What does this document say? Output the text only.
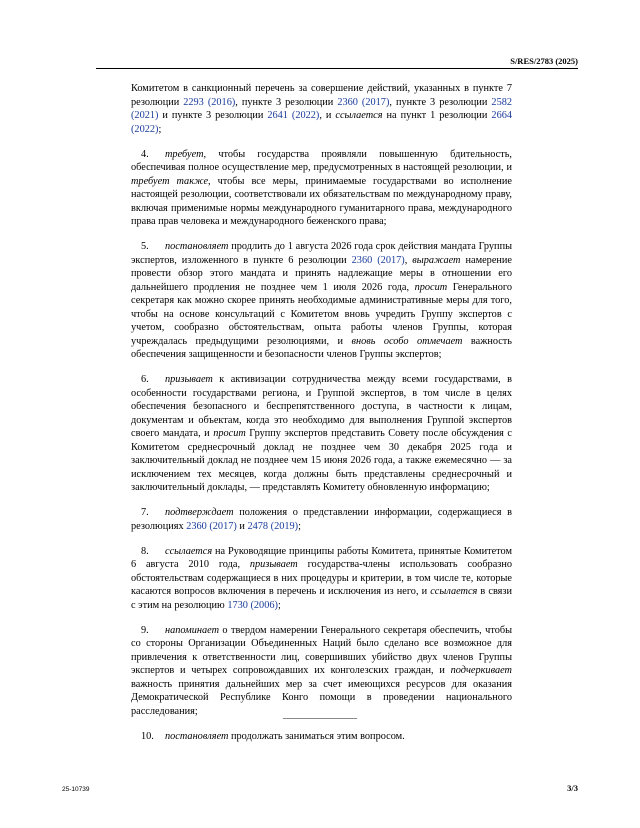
S/RES/2783 (2025)

Комитетом в санкционный перечень за совершение действий, указанных в пункте 7 резолюции 2293 (2016), пункте 3 резолюции 2360 (2017), пункте 3 резолюции 2582 (2021) и пункте 3 резолюции 2641 (2022), и ссылается на пункт 1 резолюции 2664 (2022);

4. требует, чтобы государства проявляли повышенную бдительность, обеспечивая полное осуществление мер, предусмотренных в настоящей резолюции, и требует также, чтобы все меры, принимаемые государствами во исполнение настоящей резолюции, соответствовали их обязательствам по международному праву, включая применимые нормы международного гуманитарного права, международного права прав человека и международного беженского права;

5. постановляет продлить до 1 августа 2026 года срок действия мандата Группы экспертов, изложенного в пункте 6 резолюции 2360 (2017), выражает намерение провести обзор этого мандата и принять надлежащие меры в отношении его дальнейшего продления не позднее чем 1 июля 2026 года, просит Генерального секретаря как можно скорее принять необходимые административные меры для того, чтобы на основе консультаций с Комитетом вновь учредить Группу экспертов с учетом, сообразно обстоятельствам, опыта работы членов Группы, которая учреждалась предыдущими резолюциями, и вновь особо отмечает важность обеспечения защищенности и безопасности членов Группы экспертов;

6. призывает к активизации сотрудничества между всеми государствами, в особенности государствами региона, и Группой экспертов, в том числе в целях обеспечения безопасного и беспрепятственного доступа, в частности к лицам, документам и объектам, когда это необходимо для выполнения Группой экспертов своего мандата, и просит Группу экспертов представить Совету после обсуждения с Комитетом среднесрочный доклад не позднее чем 30 декабря 2025 года и заключительный доклад не позднее чем 15 июня 2026 года, а также ежемесячно — за исключением тех месяцев, когда должны быть представлены среднесрочный и заключительный доклады, — представлять Комитету обновленную информацию;

7. подтверждает положения о представлении информации, содержащиеся в резолюциях 2360 (2017) и 2478 (2019);

8. ссылается на Руководящие принципы работы Комитета, принятые Комитетом 6 августа 2010 года, призывает государства-члены использовать сообразно обстоятельствам содержащиеся в них процедуры и критерии, в том числе те, которые касаются вопросов включения в перечень и исключения из него, и ссылается в связи с этим на резолюцию 1730 (2006);

9. напоминает о твердом намерении Генерального секретаря обеспечить, чтобы со стороны Организации Объединенных Наций было сделано все возможное для привлечения к ответственности лиц, совершивших убийство двух членов Группы экспертов и четырех сопровождавших их конголезских граждан, и подчеркивает важность принятия дальнейших мер за счет имеющихся ресурсов для оказания Демократической Республике Конго помощи в проведении национального расследования;

10. постановляет продолжать заниматься этим вопросом.

25-10739	3/3
